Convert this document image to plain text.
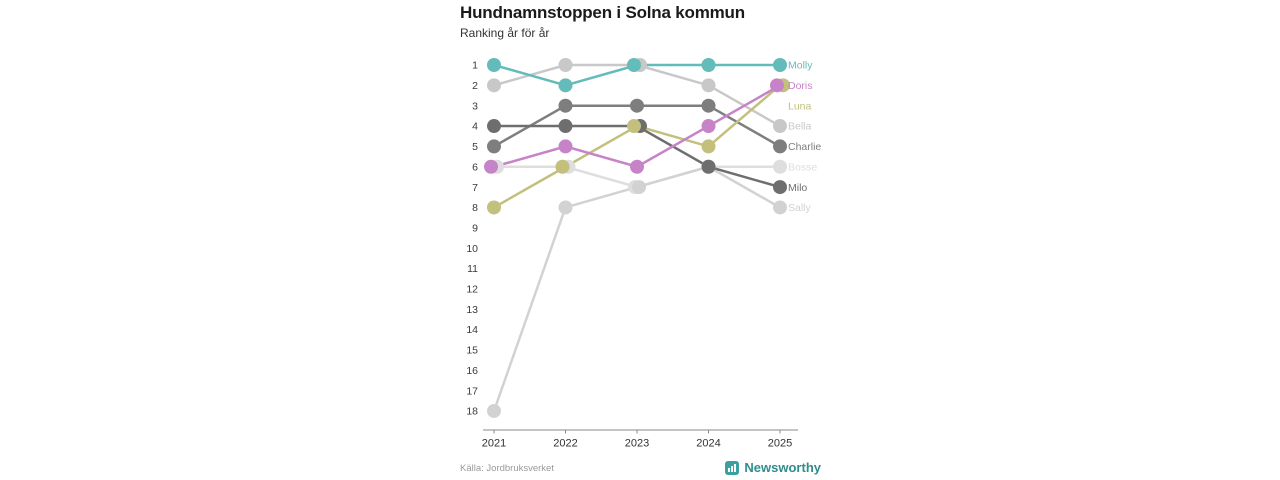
Hundnamnstoppen i Solna kommun
Ranking år för år
1
2
3
4
5
6
7
8
9
10
11
12
13
14
15
16
17
18
2021	2022	2023	2024	2025
Bella
Bosse
Sally
Charlie
Milo
Luna
Doris
Molly
Källa: Jordbruksverket	Newsworthy
